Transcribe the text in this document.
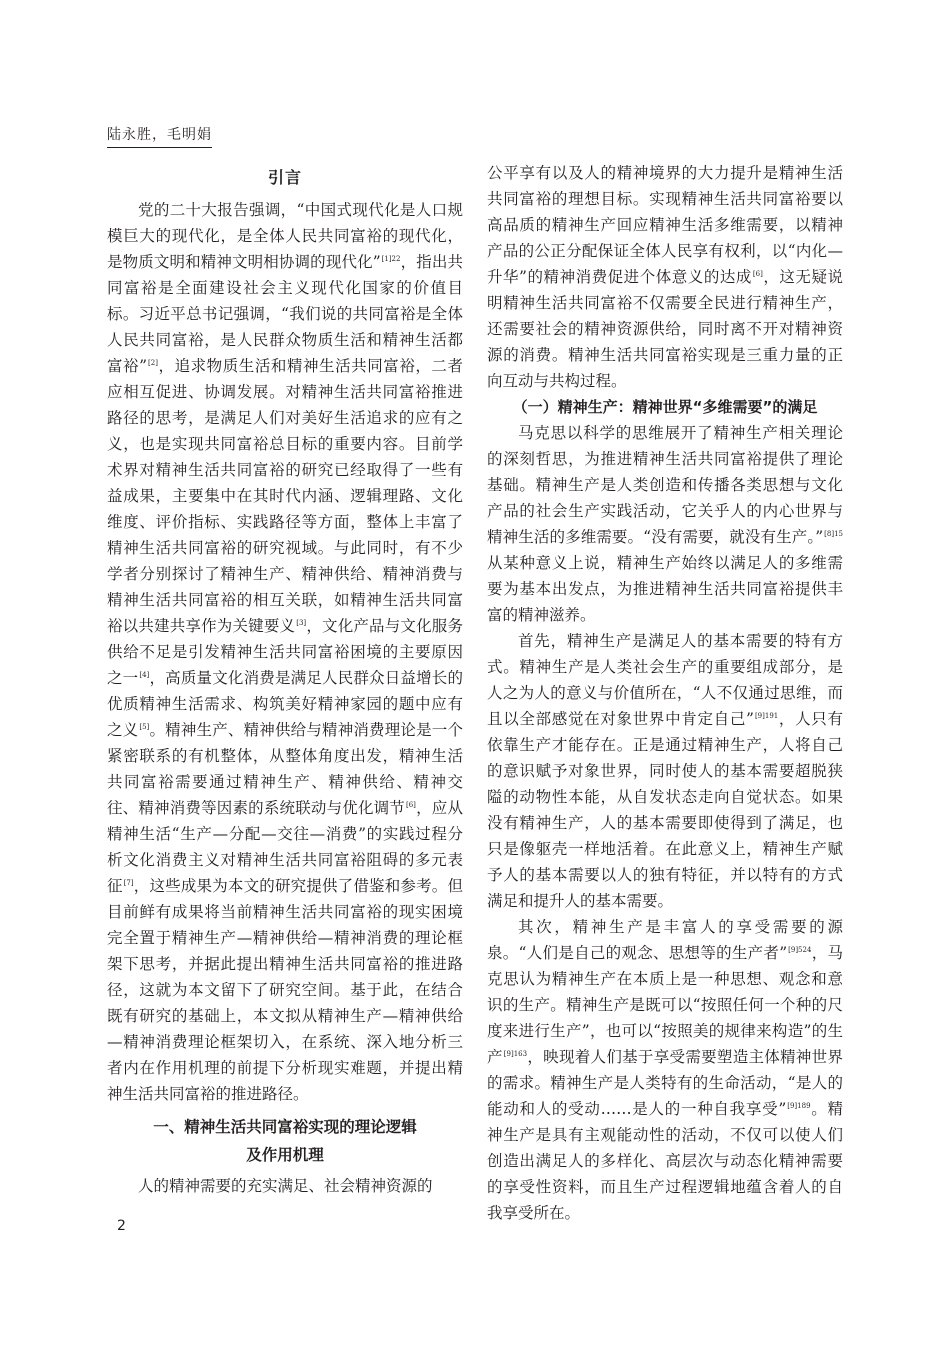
陆永胜，毛明娟
引言

党的二十大报告强调，“中国式现代化是人口规模巨大的现代化，是全体人民共同富裕的现代化，是物质文明和精神文明相协调的现代化”$^{[1]22}$，指出共同富裕是全面建设社会主义现代化国家的价值目标。习近平总书记强调，“我们说的共同富裕是全体人民共同富裕，是人民群众物质生活和精神生活都富裕”[2]，追求物质生活和精神生活共同富裕，二者应相互促进、协调发展。对精神生活共同富裕推进路径的思考，是满足人们对美好生活追求的应有之义，也是实现共同富裕总目标的重要内容。目前学术界对精神生活共同富裕的研究已经取得了一些有益成果，主要集中在其时代内涵、逻辑理路、文化维度、评价指标、实践路径等方面，整体上丰富了精神生活共同富裕的研究视域。与此同时，有不少学者分别探讨了精神生产、精神供给、精神消费与精神生活共同富裕的相互关联，如精神生活共同富裕以共建共享作为关键要义[3]，文化产品与文化服务供给不足是引发精神生活共同富裕困境的主要原因之一[4]，高质量文化消费是满足人民群众日益增长的优质精神生活需求、构筑美好精神家园的题中应有之义[5]。精神生产、精神供给与精神消费理论是一个紧密联系的有机整体，从整体角度出发，精神生活共同富裕需要通过精神生产、精神供给、精神交往、精神消费等因素的系统联动与优化调节[6]，应从精神生活“生产—分配—交往—消费”的实践过程分析文化消费主义对精神生活共同富裕阻碍的多元表征[7]，这些成果为本文的研究提供了借鉴和参考。但目前鲜有成果将当前精神生活共同富裕的现实困境完全置于精神生产—精神供给—精神消费的理论框架下思考，并据此提出精神生活共同富裕的推进路径，这就为本文留下了研究空间。基于此，在结合既有研究的基础上，本文拟从精神生产—精神供给—精神消费理论框架切入，在系统、深入地分析三者内在作用机理的前提下分析现实难题，并提出精神生活共同富裕的推进路径。

一、精神生活共同富裕实现的理论逻辑
及作用机理

人的精神需要的充实满足、社会精神资源的

公平享有以及人的精神境界的大力提升是精神生活共同富裕的理想目标。实现精神生活共同富裕要以高品质的精神生产回应精神生活多维需要，以精神产品的公正分配保证全体人民享有权利，以“内化—升华”的精神消费促进个体意义的达成[6]，这无疑说明精神生活共同富裕不仅需要全民进行精神生产，还需要社会的精神资源供给，同时离不开对精神资源的消费。精神生活共同富裕实现是三重力量的正向互动与共构过程。

（一）精神生产：精神世界“多维需要”的满足

马克思以科学的思维展开了精神生产相关理论的深刻哲思，为推进精神生活共同富裕提供了理论基础。精神生产是人类创造和传播各类思想与文化产品的社会生产实践活动，它关乎人的内心世界与精神生活的多维需要。“没有需要，就没有生产。”$^{[8]15}$从某种意义上说，精神生产始终以满足人的多维需要为基本出发点，为推进精神生活共同富裕提供丰富的精神滋养。

首先，精神生产是满足人的基本需要的特有方式。精神生产是人类社会生产的重要组成部分，是人之为人的意义与价值所在，“人不仅通过思维，而且以全部感觉在对象世界中肯定自己”$^{[9]191}$，人只有依靠生产才能存在。正是通过精神生产，人将自己的意识赋予对象世界，同时使人的基本需要超脱狭隘的动物性本能，从自发状态走向自觉状态。如果没有精神生产，人的基本需要即使得到了满足，也只是像躯壳一样地活着。在此意义上，精神生产赋予人的基本需要以人的独有特征，并以特有的方式满足和提升人的基本需要。

其次，精神生产是丰富人的享受需要的源泉。“人们是自己的观念、思想等的生产者”$^{[9]524}$，马克思认为精神生产在本质上是一种思想、观念和意识的生产。精神生产是既可以“按照任何一个种的尺度来进行生产”，也可以“按照美的规律来构造”的生产$^{[9]163}$，映现着人们基于享受需要塑造主体精神世界的需求。精神生产是人类特有的生命活动，“是人的能动和人的受动……是人的一种自我享受”$^{[9]189}$。精神生产是具有主观能动性的活动，不仅可以使人们创造出满足人的多样化、高层次与动态化精神需要的享受性资料，而且生产过程逻辑地蕴含着人的自我享受所在。

2
